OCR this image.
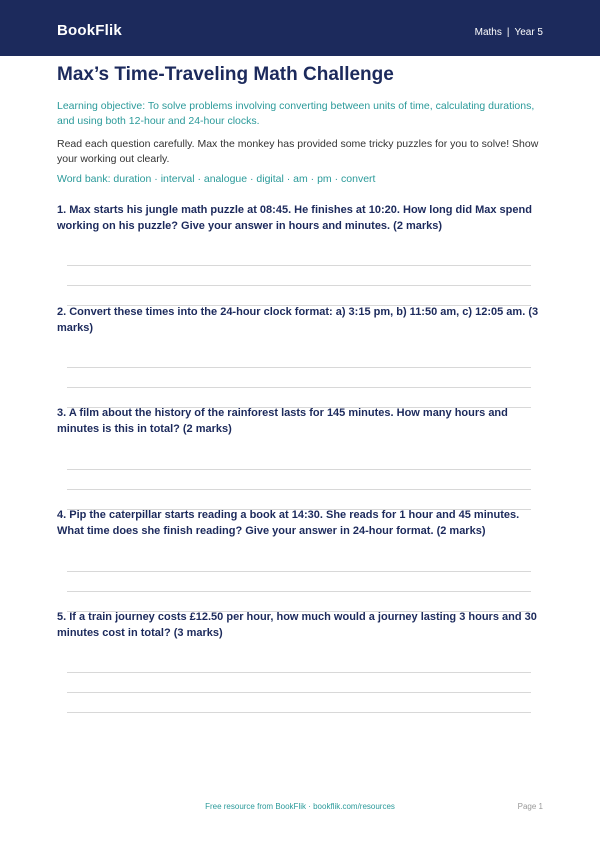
BookFlik	Maths | Year 5
Max’s Time-Traveling Math Challenge

Learning objective: To solve problems involving converting between units of time, calculating durations, and using both 12-hour and 24-hour clocks.

Read each question carefully. Max the monkey has provided some tricky puzzles for you to solve! Show your working out clearly.

Word bank: duration · interval · analogue · digital · am · pm · convert

1. Max starts his jungle math puzzle at 08:45. He finishes at 10:20. How long did Max spend working on his puzzle? Give your answer in hours and minutes. (2 marks)

2. Convert these times into the 24-hour clock format: a) 3:15 pm, b) 11:50 am, c) 12:05 am. (3 marks)

3. A film about the history of the rainforest lasts for 145 minutes. How many hours and minutes is this in total? (2 marks)

4. Pip the caterpillar starts reading a book at 14:30. She reads for 1 hour and 45 minutes. What time does she finish reading? Give your answer in 24-hour format. (2 marks)

5. If a train journey costs £12.50 per hour, how much would a journey lasting 3 hours and 30 minutes cost in total? (3 marks)

Free resource from BookFlik · bookflik.com/resources	Page 1
